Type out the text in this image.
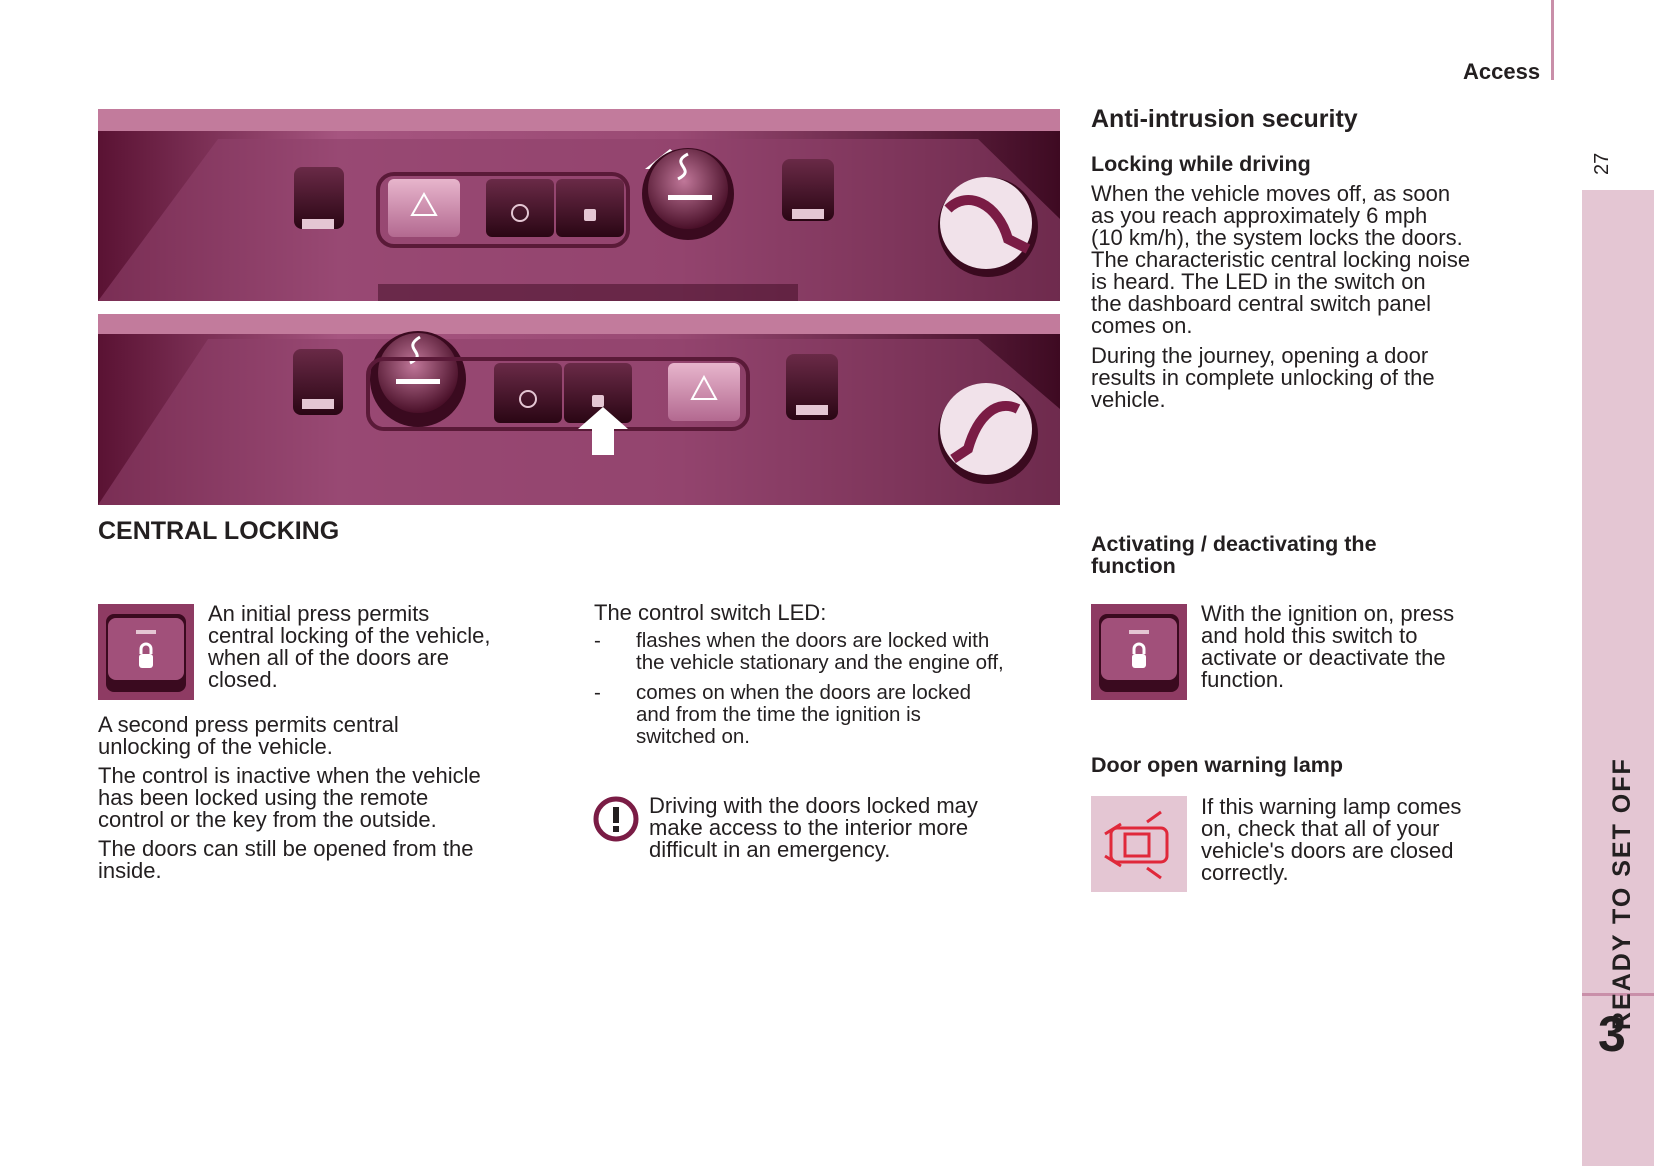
Access
27
READY TO SET OFF
3
CENTRAL LOCKING
An initial press permits
central locking of the vehicle,
when all of the doors are
closed.
A second press permits central
unlocking of the vehicle.
The control is inactive when the vehicle
has been locked using the remote
control or the key from the outside.
The doors can still be opened from the
inside.
The control switch LED:
- flashes when the doors are locked with
the vehicle stationary and the engine off,
- comes on when the doors are locked
and from the time the ignition is
switched on.
Driving with the doors locked may
make access to the interior more
difficult in an emergency.
Anti-intrusion security
Locking while driving
When the vehicle moves off, as soon
as you reach approximately 6 mph
(10 km/h), the system locks the doors.
The characteristic central locking noise
is heard. The LED in the switch on
the dashboard central switch panel
comes on.
During the journey, opening a door
results in complete unlocking of the
vehicle.
Activating / deactivating the
function
With the ignition on, press
and hold this switch to
activate or deactivate the
function.
Door open warning lamp
If this warning lamp comes
on, check that all of your
vehicle's doors are closed
correctly.
